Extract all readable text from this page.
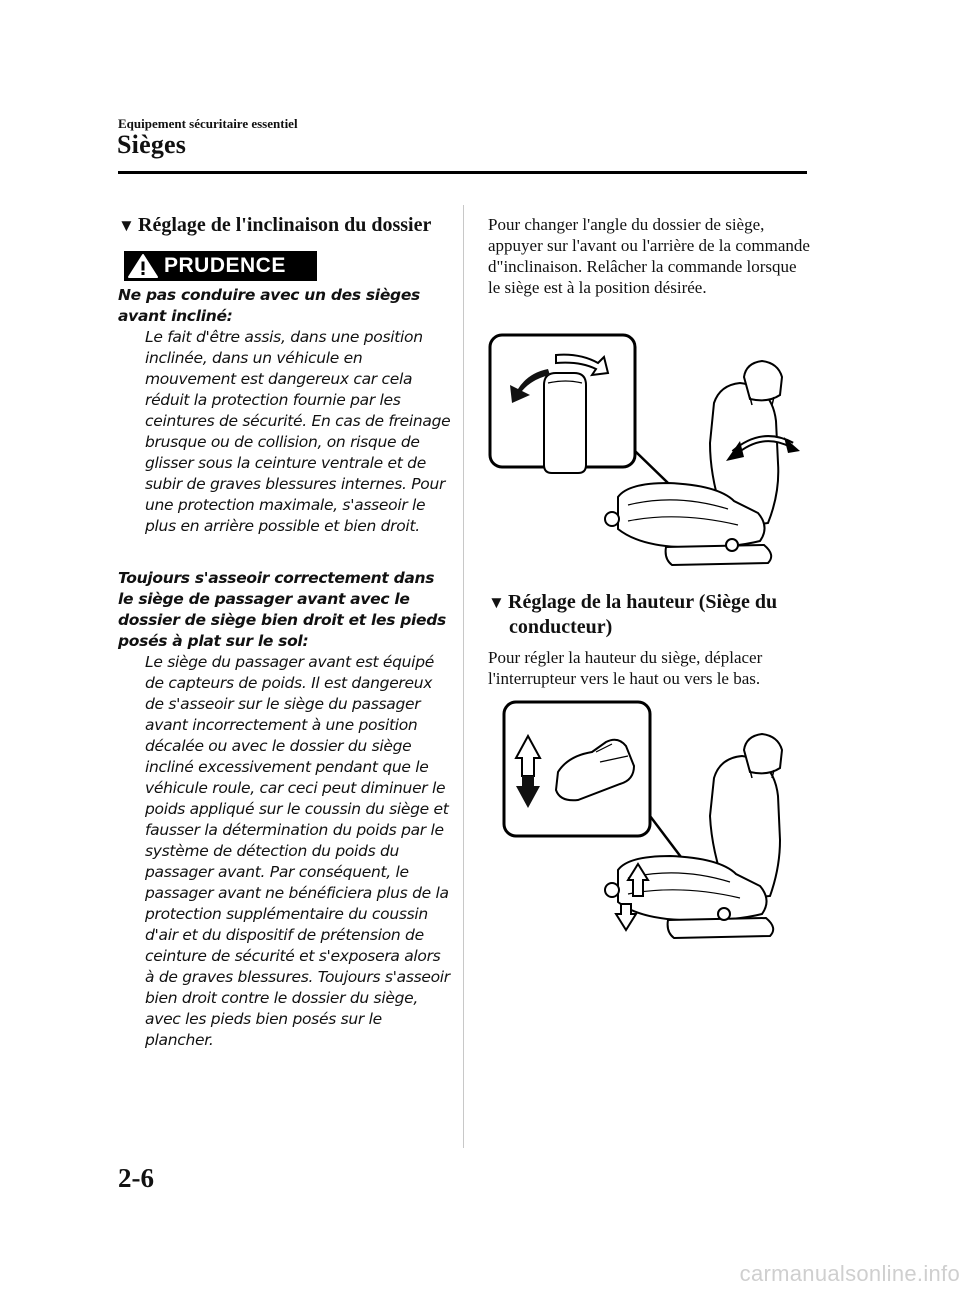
Equipement sécuritaire essentiel
Sièges
▼ Réglage de l'inclinaison du dossier
PRUDENCE
Ne pas conduire avec un des sièges avant incliné:
Le fait d'être assis, dans une position inclinée, dans un véhicule en mouvement est dangereux car cela réduit la protection fournie par les ceintures de sécurité. En cas de freinage brusque ou de collision, on risque de glisser sous la ceinture ventrale et de subir de graves blessures internes. Pour une protection maximale, s'asseoir le plus en arrière possible et bien droit.
Toujours s'asseoir correctement dans le siège de passager avant avec le dossier de siège bien droit et les pieds posés à plat sur le sol:
Le siège du passager avant est équipé de capteurs de poids. Il est dangereux de s'asseoir sur le siège du passager avant incorrectement à une position décalée ou avec le dossier du siège incliné excessivement pendant que le véhicule roule, car ceci peut diminuer le poids appliqué sur le coussin du siège et fausser la détermination du poids par le système de détection du poids du passager avant. Par conséquent, le passager avant ne bénéficiera plus de la protection supplémentaire du coussin d'air et du dispositif de prétension de ceinture de sécurité et s'exposera alors à de graves blessures. Toujours s'asseoir bien droit contre le dossier du siège, avec les pieds bien posés sur le plancher.
Pour changer l'angle du dossier de siège, appuyer sur l'avant ou l'arrière de la commande d"inclinaison. Relâcher la commande lorsque le siège est à la position désirée.
▼ Réglage de la hauteur (Siège du
conducteur)
Pour régler la hauteur du siège, déplacer l'interrupteur vers le haut ou vers le bas.
2-6
carmanualsonline.info
